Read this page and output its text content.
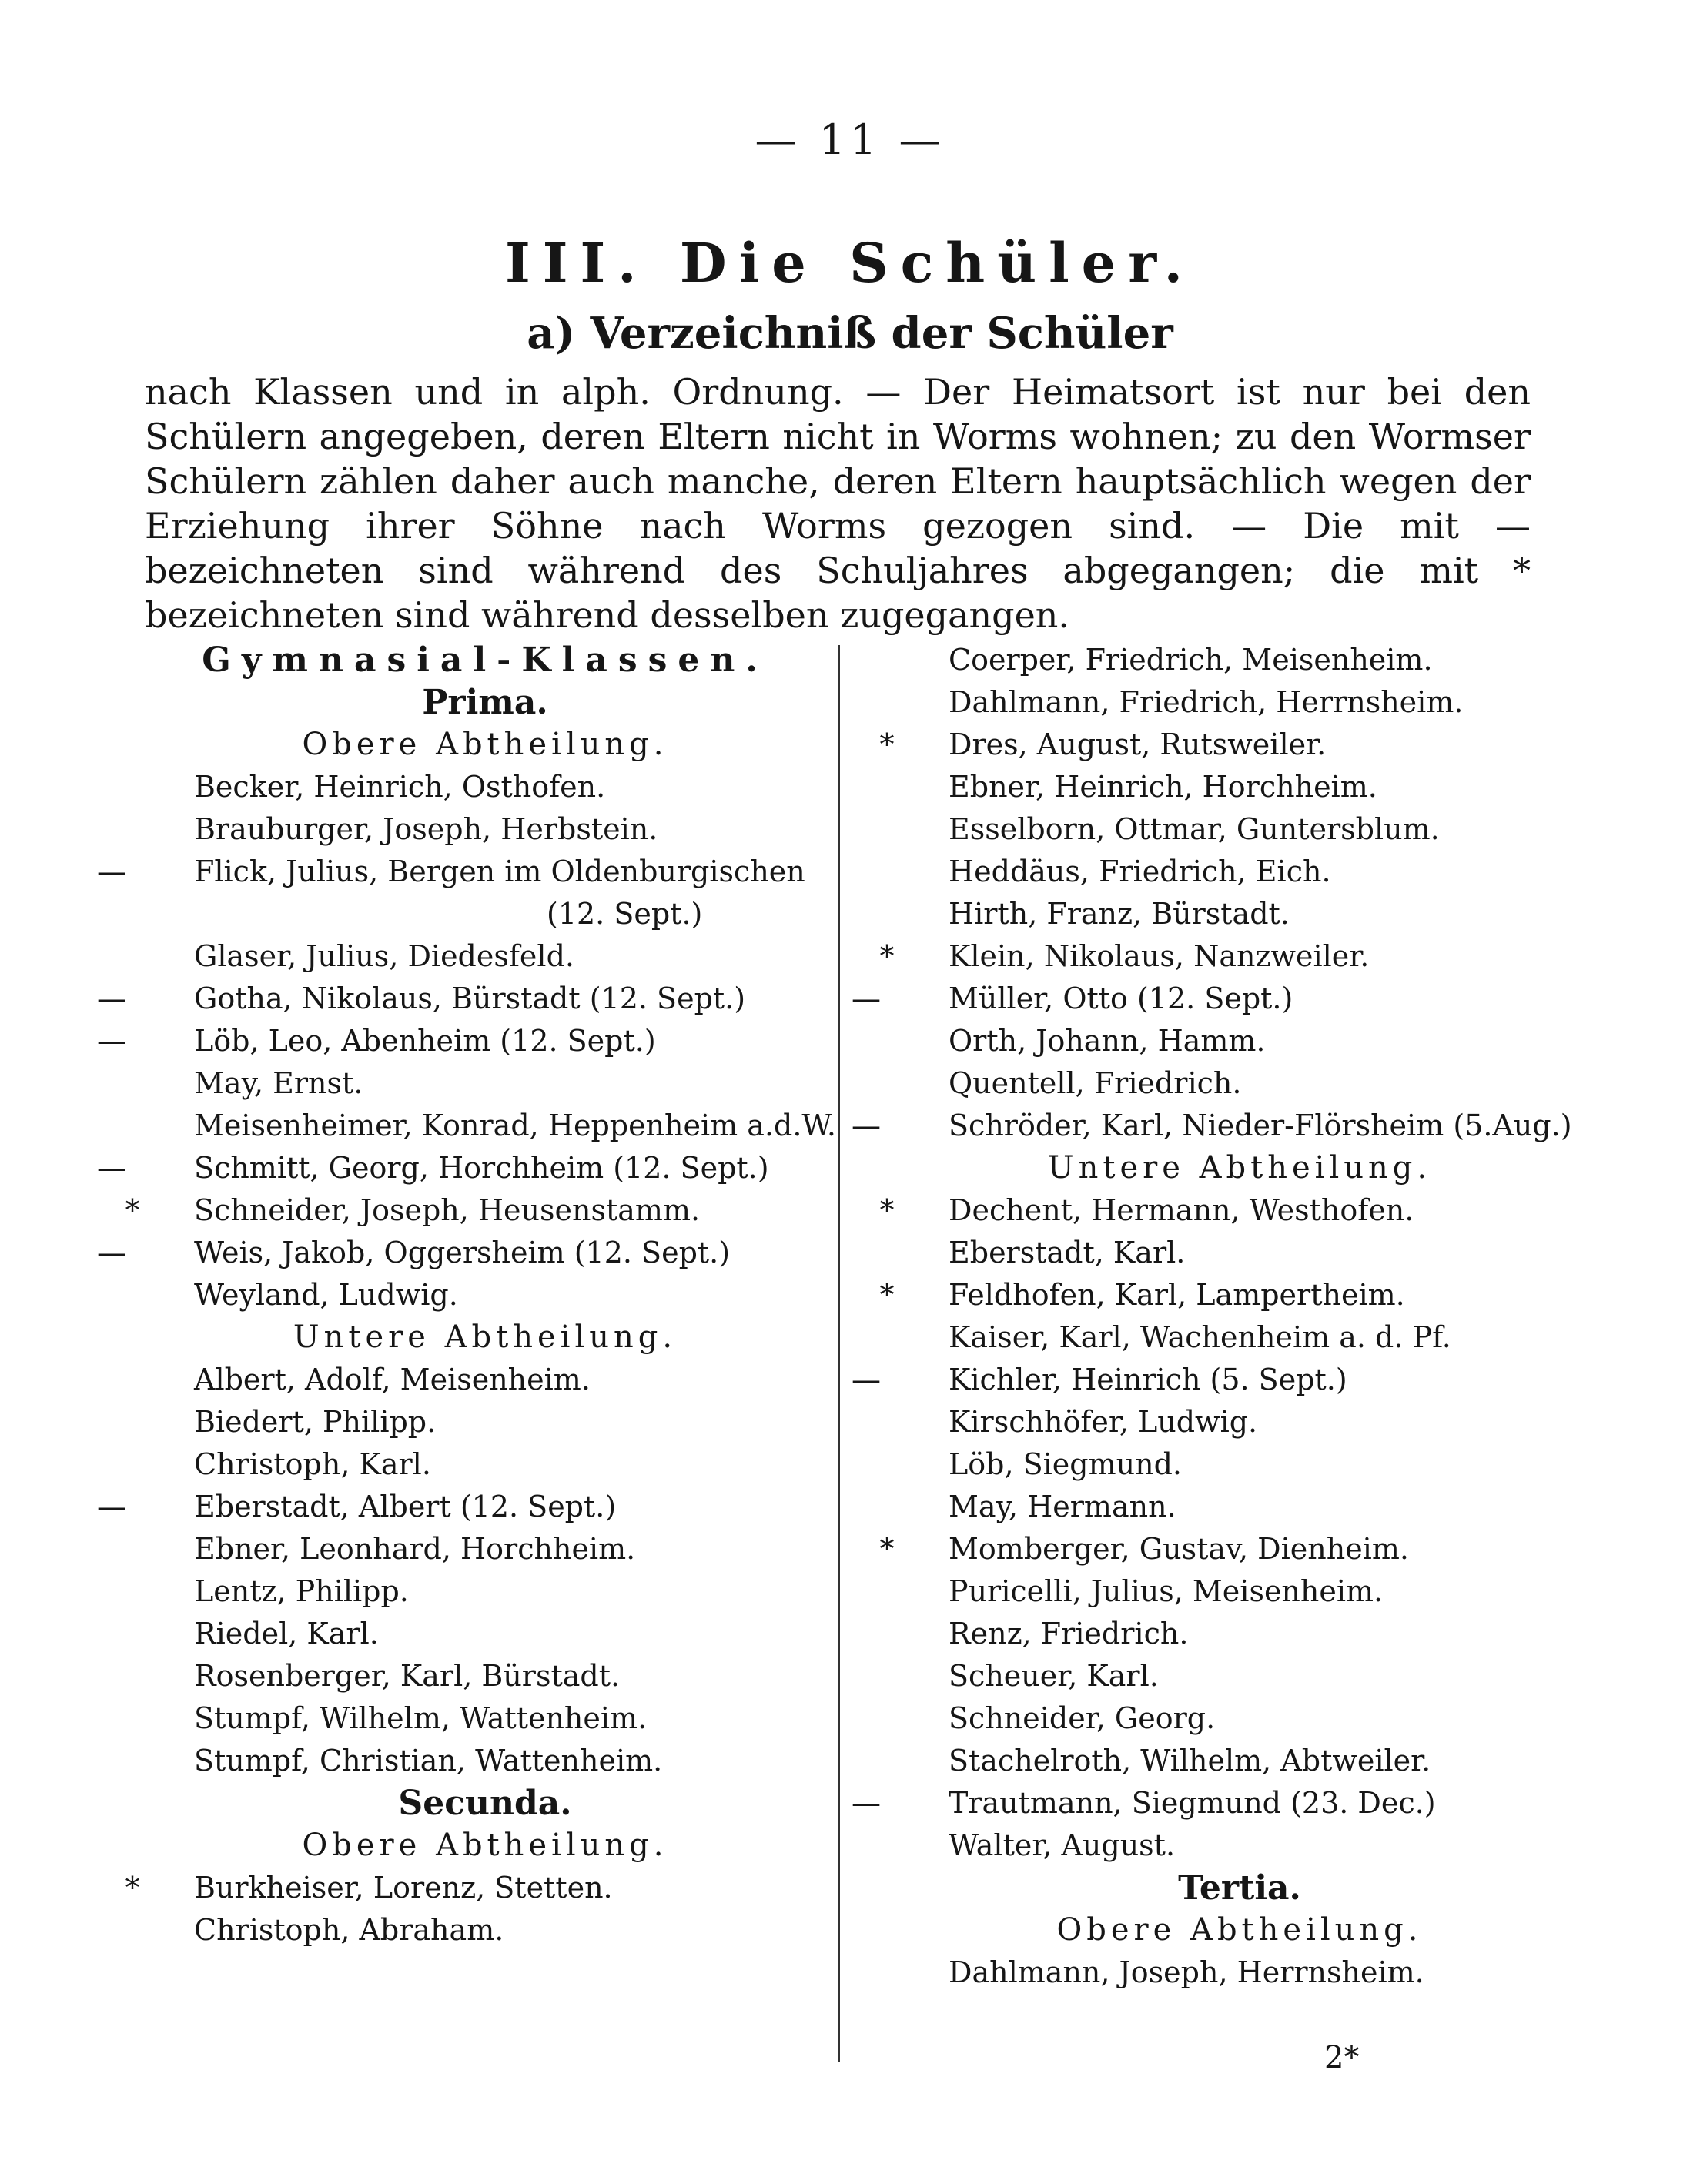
— 11 —
III. Die Schüler.
a) Verzeichniß der Schüler

nach Klassen und in alph. Ordnung. — Der Heimatsort ist nur bei den Schülern angegeben, deren Eltern nicht in Worms wohnen; zu den Wormser Schülern zählen daher auch manche, deren Eltern hauptsächlich wegen der Erziehung ihrer Söhne nach Worms gezogen sind. — Die mit — bezeichneten sind während des Schuljahres abgegangen; die mit * bezeichneten sind während desselben zugegangen.

Gymnasial-Klassen.
Prima.
Obere Abtheilung.
Becker, Heinrich, Osthofen.
Brauburger, Joseph, Herbstein.
— Flick, Julius, Bergen im Oldenburgischen
(12. Sept.)
Glaser, Julius, Diedesfeld.
— Gotha, Nikolaus, Bürstadt (12. Sept.)
— Löb, Leo, Abenheim (12. Sept.)
May, Ernst.
Meisenheimer, Konrad, Heppenheim a.d.W.
— Schmitt, Georg, Horchheim (12. Sept.)
* Schneider, Joseph, Heusenstamm.
— Weis, Jakob, Oggersheim (12. Sept.)
Weyland, Ludwig.
Untere Abtheilung.
Albert, Adolf, Meisenheim.
Biedert, Philipp.
Christoph, Karl.
— Eberstadt, Albert (12. Sept.)
Ebner, Leonhard, Horchheim.
Lentz, Philipp.
Riedel, Karl.
Rosenberger, Karl, Bürstadt.
Stumpf, Wilhelm, Wattenheim.
Stumpf, Christian, Wattenheim.
Secunda.
Obere Abtheilung.
* Burkheiser, Lorenz, Stetten.
Christoph, Abraham.
Coerper, Friedrich, Meisenheim.
Dahlmann, Friedrich, Herrnsheim.
* Dres, August, Rutsweiler.
Ebner, Heinrich, Horchheim.
Esselborn, Ottmar, Guntersblum.
Heddäus, Friedrich, Eich.
Hirth, Franz, Bürstadt.
* Klein, Nikolaus, Nanzweiler.
— Müller, Otto (12. Sept.)
Orth, Johann, Hamm.
Quentell, Friedrich.
— Schröder, Karl, Nieder-Flörsheim (5.Aug.)
Untere Abtheilung.
* Dechent, Hermann, Westhofen.
Eberstadt, Karl.
* Feldhofen, Karl, Lampertheim.
Kaiser, Karl, Wachenheim a. d. Pf.
— Kichler, Heinrich (5. Sept.)
Kirschhöfer, Ludwig.
Löb, Siegmund.
May, Hermann.
* Momberger, Gustav, Dienheim.
Puricelli, Julius, Meisenheim.
Renz, Friedrich.
Scheuer, Karl.
Schneider, Georg.
Stachelroth, Wilhelm, Abtweiler.
— Trautmann, Siegmund (23. Dec.)
Walter, August.
Tertia.
Obere Abtheilung.
Dahlmann, Joseph, Herrnsheim.
2*
